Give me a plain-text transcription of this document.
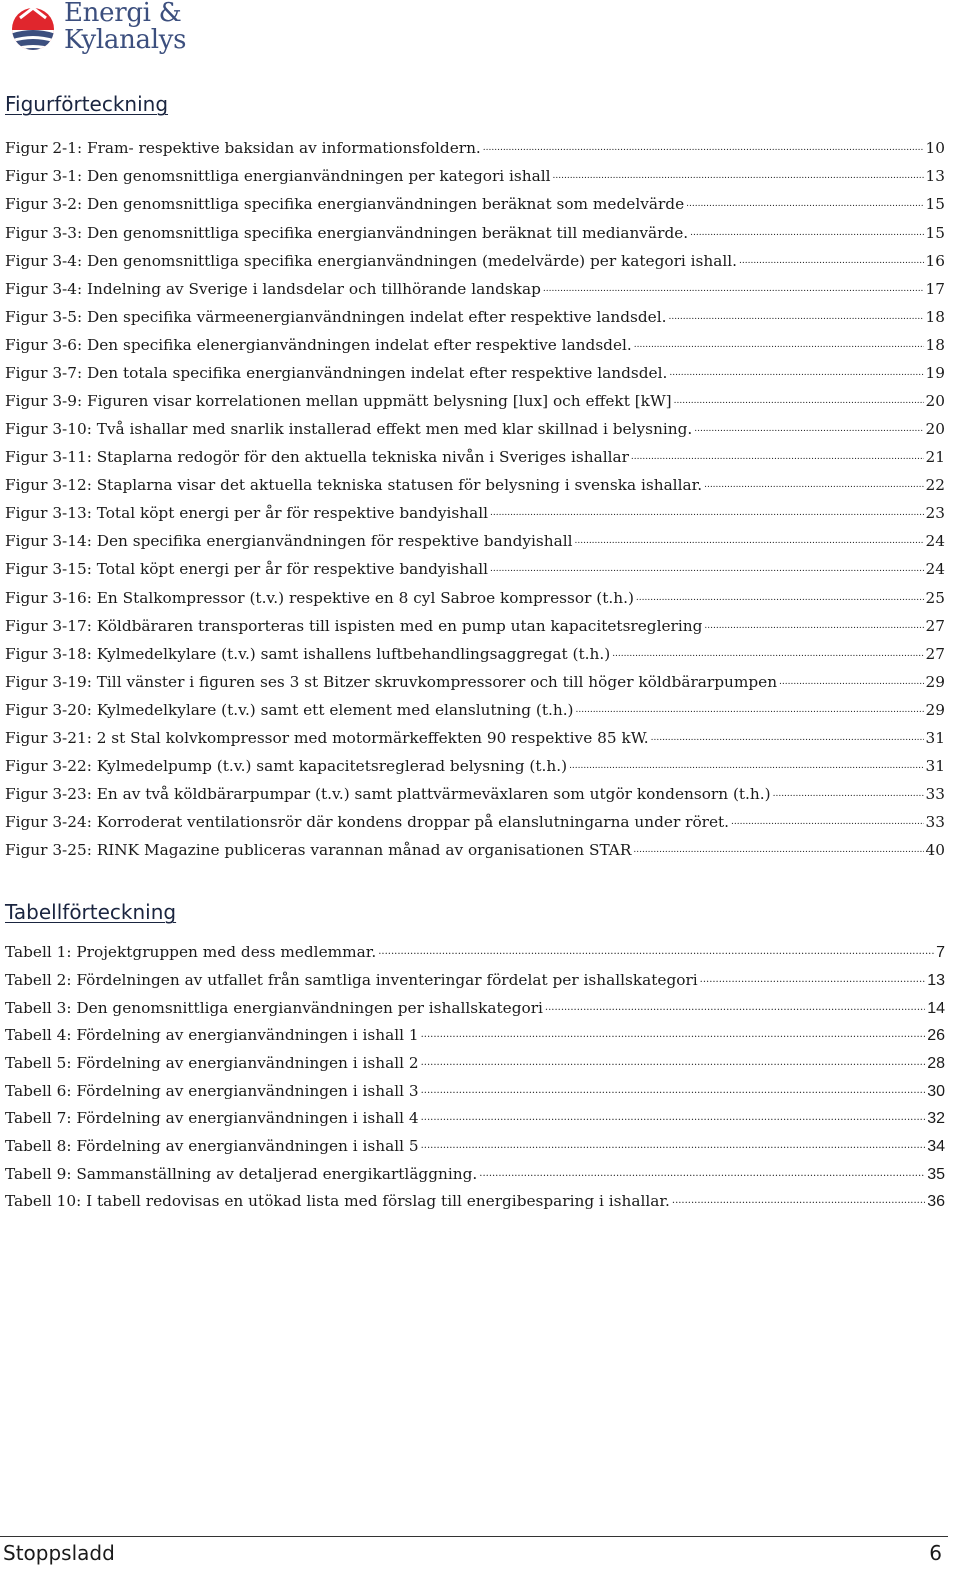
Energi &
Kylanalys
Figurförteckning
Figur 2-1: Fram- respektive baksidan av informationsfoldern. .....	10
Figur 3-1: Den genomsnittliga energianvändningen per kategori ishall .....	13
Figur 3-2: Den genomsnittliga specifika energianvändningen beräknat som medelvärde .....	15
Figur 3-3: Den genomsnittliga specifika energianvändningen beräknat till medianvärde. .....	15
Figur 3-4: Den genomsnittliga specifika energianvändningen (medelvärde) per kategori ishall. .....	16
Figur 3-4: Indelning av Sverige i landsdelar och tillhörande landskap .....	17
Figur 3-5: Den specifika värmeenergianvändningen indelat efter respektive landsdel. .....	18
Figur 3-6: Den specifika elenergianvändningen indelat efter respektive landsdel. .....	18
Figur 3-7: Den totala specifika energianvändningen indelat efter respektive landsdel. .....	19
Figur 3-9: Figuren visar korrelationen mellan uppmätt belysning [lux] och effekt [kW] .....	20
Figur 3-10: Två ishallar med snarlik installerad effekt men med klar skillnad i belysning. .....	20
Figur 3-11: Staplarna redogör för den aktuella tekniska nivån i Sveriges ishallar .....	21
Figur 3-12: Staplarna visar det aktuella tekniska statusen för belysning i svenska ishallar. .....	22
Figur 3-13: Total köpt energi per år för respektive bandyishall .....	23
Figur 3-14: Den specifika energianvändningen för respektive bandyishall .....	24
Figur 3-15: Total köpt energi per år för respektive bandyishall .....	24
Figur 3-16: En Stalkompressor (t.v.) respektive en 8 cyl Sabroe kompressor (t.h.) .....	25
Figur 3-17: Köldbäraren transporteras till ispisten med en pump utan kapacitetsreglering .....	27
Figur 3-18: Kylmedelkylare (t.v.) samt ishallens luftbehandlingsaggregat (t.h.) .....	27
Figur 3-19: Till vänster i figuren ses 3 st Bitzer skruvkompressorer och till höger köldbärarpumpen .....	29
Figur 3-20: Kylmedelkylare (t.v.) samt ett element med elanslutning (t.h.) .....	29
Figur 3-21: 2 st Stal kolvkompressor med motormärkeffekten 90 respektive 85 kW. .....	31
Figur 3-22: Kylmedelpump (t.v.) samt kapacitetsreglerad belysning (t.h.) .....	31
Figur 3-23: En av två köldbärarpumpar (t.v.) samt plattvärmeväxlaren som utgör kondensorn (t.h.) .....	33
Figur 3-24: Korroderat ventilationsrör där kondens droppar på elanslutningarna under röret. .....	33
Figur 3-25: RINK Magazine publiceras varannan månad av organisationen STAR .....	40
Tabellförteckning
Tabell 1: Projektgruppen med dess medlemmar. .....	7
Tabell 2: Fördelningen av utfallet från samtliga inventeringar fördelat per ishallskategori .....	13
Tabell 3: Den genomsnittliga energianvändningen per ishallskategori .....	14
Tabell 4: Fördelning av energianvändningen i ishall 1 .....	26
Tabell 5: Fördelning av energianvändningen i ishall 2 .....	28
Tabell 6: Fördelning av energianvändningen i ishall 3 .....	30
Tabell 7: Fördelning av energianvändningen i ishall 4 .....	32
Tabell 8: Fördelning av energianvändningen i ishall 5 .....	34
Tabell 9: Sammanställning av detaljerad energikartläggning. .....	35
Tabell 10: I tabell redovisas en utökad lista med förslag till energibesparing i ishallar. .....	36
Stoppsladd	6
